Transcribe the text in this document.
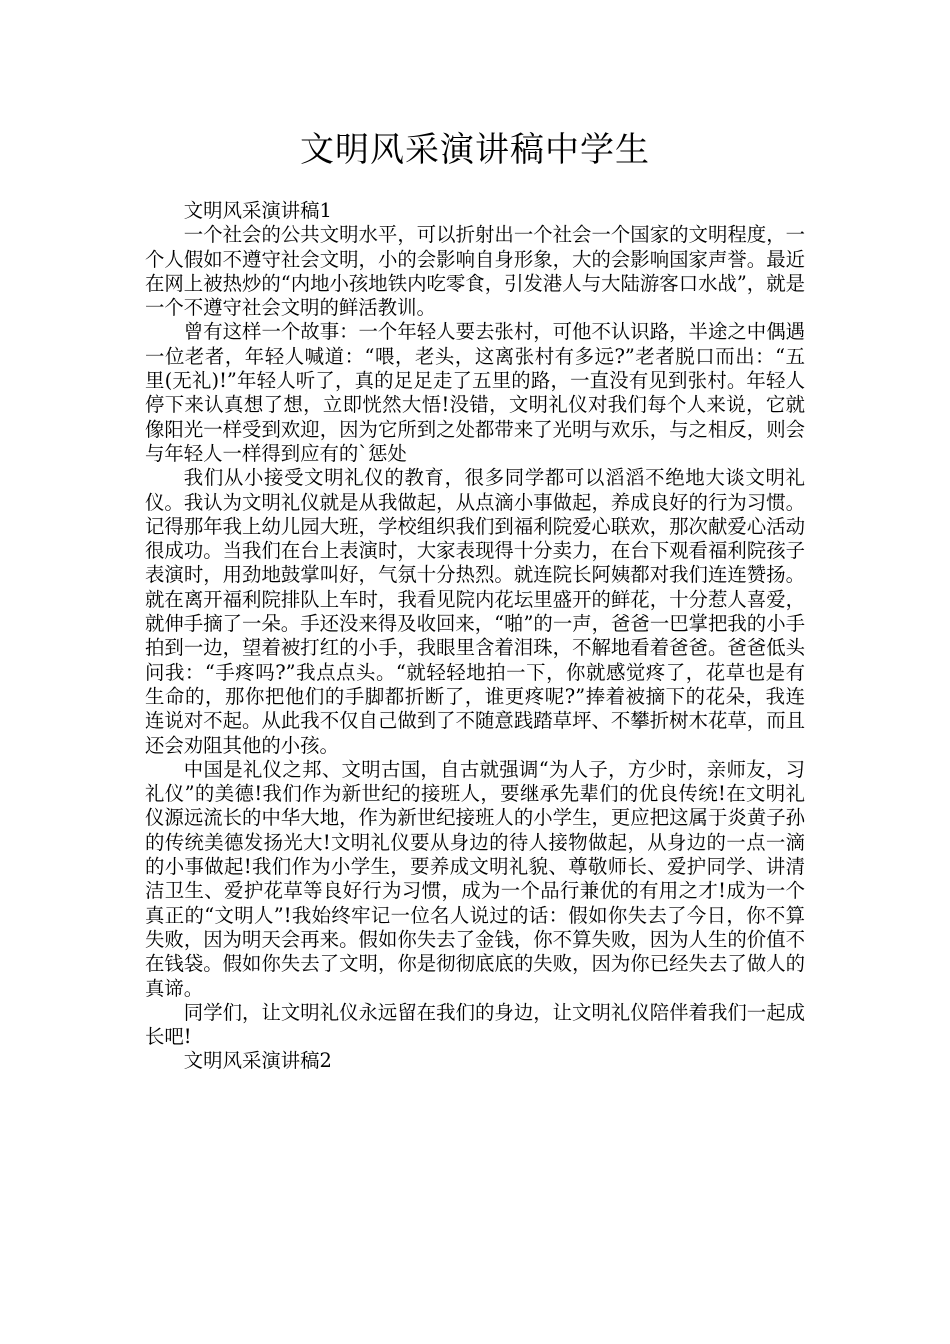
文明风采演讲稿中学生

文明风采演讲稿1

一个社会的公共文明水平，可以折射出一个社会一个国家的文明程度，一个人假如不遵守社会文明，小的会影响自身形象，大的会影响国家声誉。最近在网上被热炒的“内地小孩地铁内吃零食，引发港人与大陆游客口水战”，就是一个不遵守社会文明的鲜活教训。

曾有这样一个故事：一个年轻人要去张村，可他不认识路，半途之中偶遇一位老者，年轻人喊道：“喂，老头，这离张村有多远?”老者脱口而出：“五里(无礼)!”年轻人听了，真的足足走了五里的路，一直没有见到张村。年轻人停下来认真想了想，立即恍然大悟!没错，文明礼仪对我们每个人来说，它就像阳光一样受到欢迎，因为它所到之处都带来了光明与欢乐，与之相反，则会与年轻人一样得到应有的`惩处

我们从小接受文明礼仪的教育，很多同学都可以滔滔不绝地大谈文明礼仪。我认为文明礼仪就是从我做起，从点滴小事做起，养成良好的行为习惯。记得那年我上幼儿园大班，学校组织我们到福利院爱心联欢，那次献爱心活动很成功。当我们在台上表演时，大家表现得十分卖力，在台下观看福利院孩子表演时，用劲地鼓掌叫好，气氛十分热烈。就连院长阿姨都对我们连连赞扬。就在离开福利院排队上车时，我看见院内花坛里盛开的鲜花，十分惹人喜爱，就伸手摘了一朵。手还没来得及收回来，“啪”的一声，爸爸一巴掌把我的小手拍到一边，望着被打红的小手，我眼里含着泪珠，不解地看着爸爸。爸爸低头问我：“手疼吗?”我点点头。“就轻轻地拍一下，你就感觉疼了，花草也是有生命的，那你把他们的手脚都折断了，谁更疼呢?”捧着被摘下的花朵，我连连说对不起。从此我不仅自己做到了不随意践踏草坪、不攀折树木花草，而且还会劝阻其他的小孩。

中国是礼仪之邦、文明古国，自古就强调“为人子，方少时，亲师友，习礼仪”的美德!我们作为新世纪的接班人，要继承先辈们的优良传统!在文明礼仪源远流长的中华大地，作为新世纪接班人的小学生，更应把这属于炎黄子孙的传统美德发扬光大!文明礼仪要从身边的待人接物做起，从身边的一点一滴的小事做起!我们作为小学生，要养成文明礼貌、尊敬师长、爱护同学、讲清洁卫生、爱护花草等良好行为习惯，成为一个品行兼优的有用之才!成为一个真正的“文明人”!我始终牢记一位名人说过的话：假如你失去了今日，你不算失败，因为明天会再来。假如你失去了金钱，你不算失败，因为人生的价值不在钱袋。假如你失去了文明，你是彻彻底底的失败，因为你已经失去了做人的真谛。

同学们，让文明礼仪永远留在我们的身边，让文明礼仪陪伴着我们一起成长吧!

文明风采演讲稿2
